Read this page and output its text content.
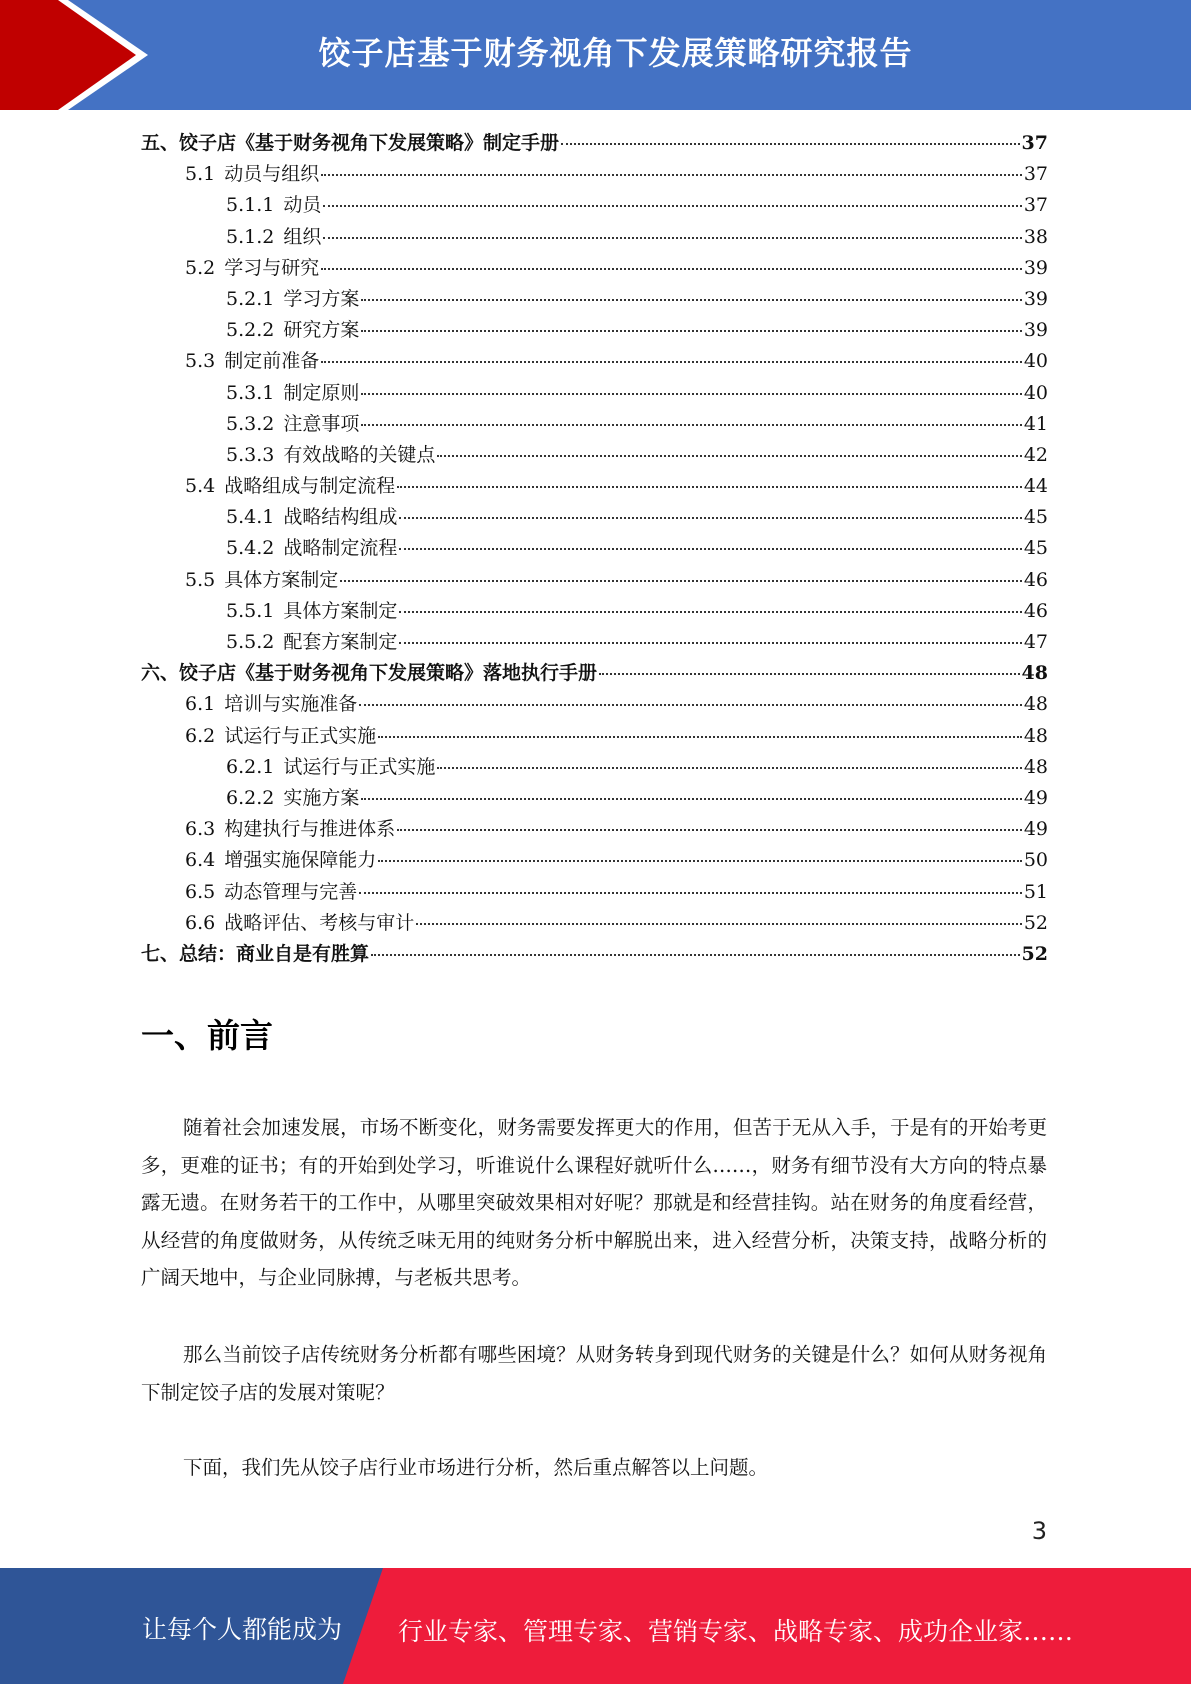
饺子店基于财务视角下发展策略研究报告
五、饺子店《基于财务视角下发展策略》制定手册	37
5.1 动员与组织	37
5.1.1 动员	37
5.1.2 组织	38
5.2 学习与研究	39
5.2.1 学习方案	39
5.2.2 研究方案	39
5.3 制定前准备	40
5.3.1 制定原则	40
5.3.2 注意事项	41
5.3.3 有效战略的关键点	42
5.4 战略组成与制定流程	44
5.4.1 战略结构组成	45
5.4.2 战略制定流程	45
5.5 具体方案制定	46
5.5.1 具体方案制定	46
5.5.2 配套方案制定	47
六、饺子店《基于财务视角下发展策略》落地执行手册	48
6.1 培训与实施准备	48
6.2 试运行与正式实施	48
6.2.1 试运行与正式实施	48
6.2.2 实施方案	49
6.3 构建执行与推进体系	49
6.4 增强实施保障能力	50
6.5 动态管理与完善	51
6.6 战略评估、考核与审计	52
七、总结：商业自是有胜算	52
一、前言

随着社会加速发展，市场不断变化，财务需要发挥更大的作用，但苦于无从入手，于是有的开始考更多，更难的证书；有的开始到处学习，听谁说什么课程好就听什么……，财务有细节没有大方向的特点暴露无遗。在财务若干的工作中，从哪里突破效果相对好呢？那就是和经营挂钩。站在财务的角度看经营，从经营的角度做财务，从传统乏味无用的纯财务分析中解脱出来，进入经营分析，决策支持，战略分析的广阔天地中，与企业同脉搏，与老板共思考。

那么当前饺子店传统财务分析都有哪些困境？从财务转身到现代财务的关键是什么？如何从财务视角下制定饺子店的发展对策呢？

下面，我们先从饺子店行业市场进行分析，然后重点解答以上问题。

3
让每个人都能成为 行业专家、管理专家、营销专家、战略专家、成功企业家……
